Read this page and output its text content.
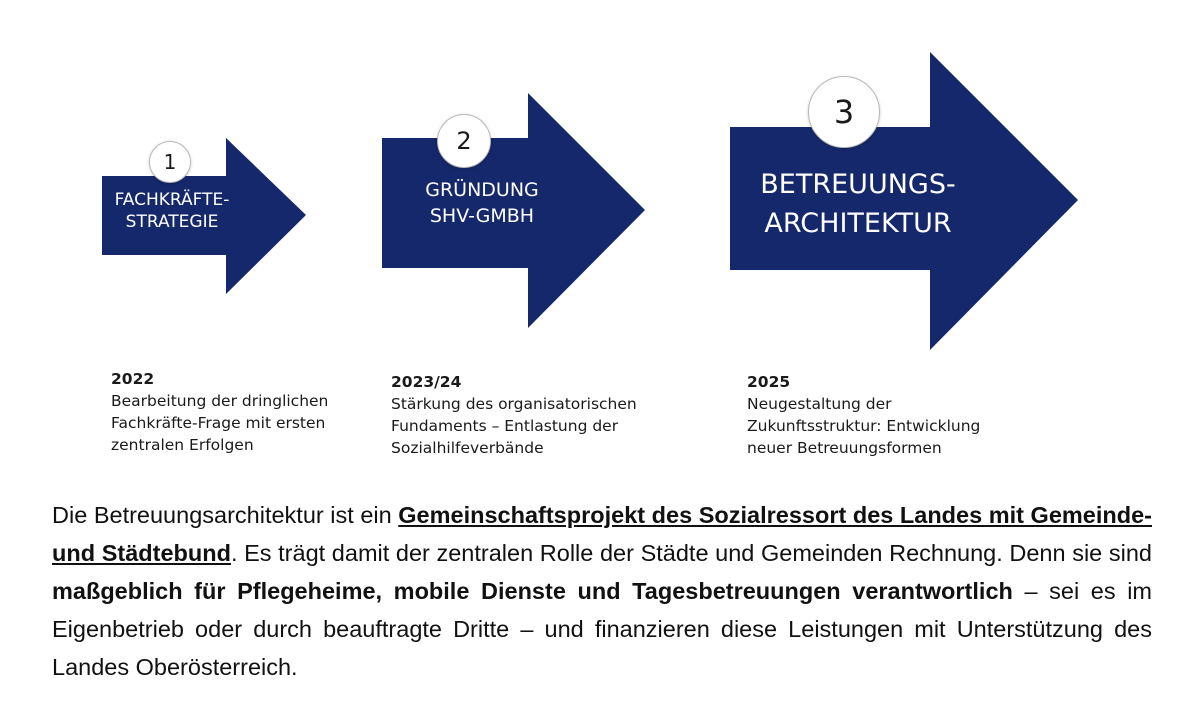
FACHKRÄFTE-
STRATEGIE
GRÜNDUNG
SHV-GMBH
BETREUUNGS-
ARCHITEKTUR
1
2
3
2022
Bearbeitung der dringlichen
Fachkräfte-Frage mit ersten
zentralen Erfolgen
2023/24
Stärkung des organisatorischen
Fundaments – Entlastung der
Sozialhilfeverbände
2025
Neugestaltung der
Zukunftsstruktur: Entwicklung
neuer Betreuungsformen

Die Betreuungsarchitektur ist ein Gemeinschaftsprojekt des Sozialressort des Landes mit Gemeinde- und Städtebund. Es trägt damit der zentralen Rolle der Städte und Gemeinden Rechnung. Denn sie sind maßgeblich für Pflegeheime, mobile Dienste und Tagesbetreuungen verantwortlich – sei es im Eigenbetrieb oder durch beauftragte Dritte – und finanzieren diese Leistungen mit Unterstützung des Landes Oberösterreich.
